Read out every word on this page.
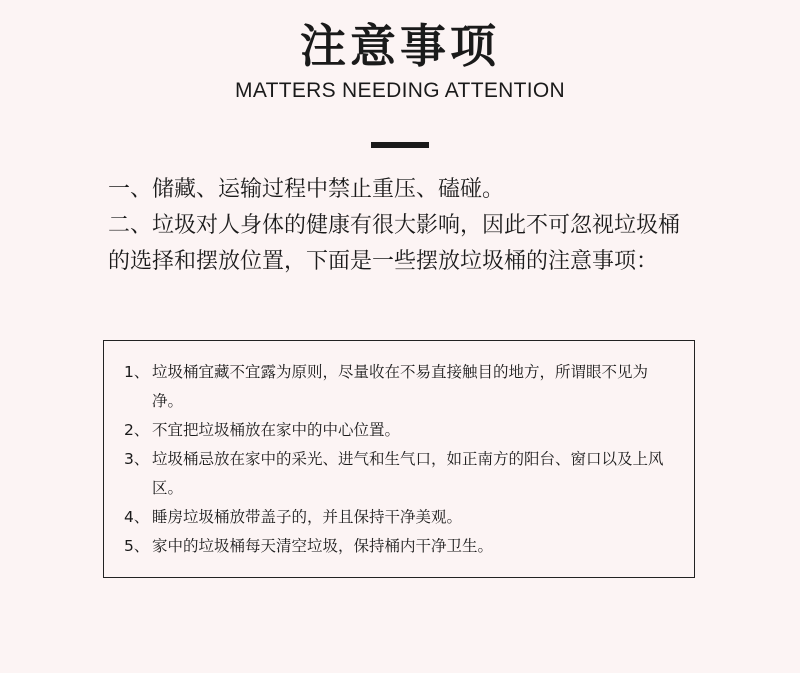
注意事项
MATTERS NEEDING ATTENTION

一、储藏、运输过程中禁止重压、磕碰。

二、垃圾对人身体的健康有很大影响，因此不可忽视垃圾桶的选择和摆放位置，下面是一些摆放垃圾桶的注意事项：

1、 垃圾桶宜藏不宜露为原则，尽量收在不易直接触目的地方，所谓眼不见为净。
2、 不宜把垃圾桶放在家中的中心位置。
3、 垃圾桶忌放在家中的采光、进气和生气口，如正南方的阳台、窗口以及上风区。
4、 睡房垃圾桶放带盖子的，并且保持干净美观。
5、 家中的垃圾桶每天清空垃圾，保持桶内干净卫生。
